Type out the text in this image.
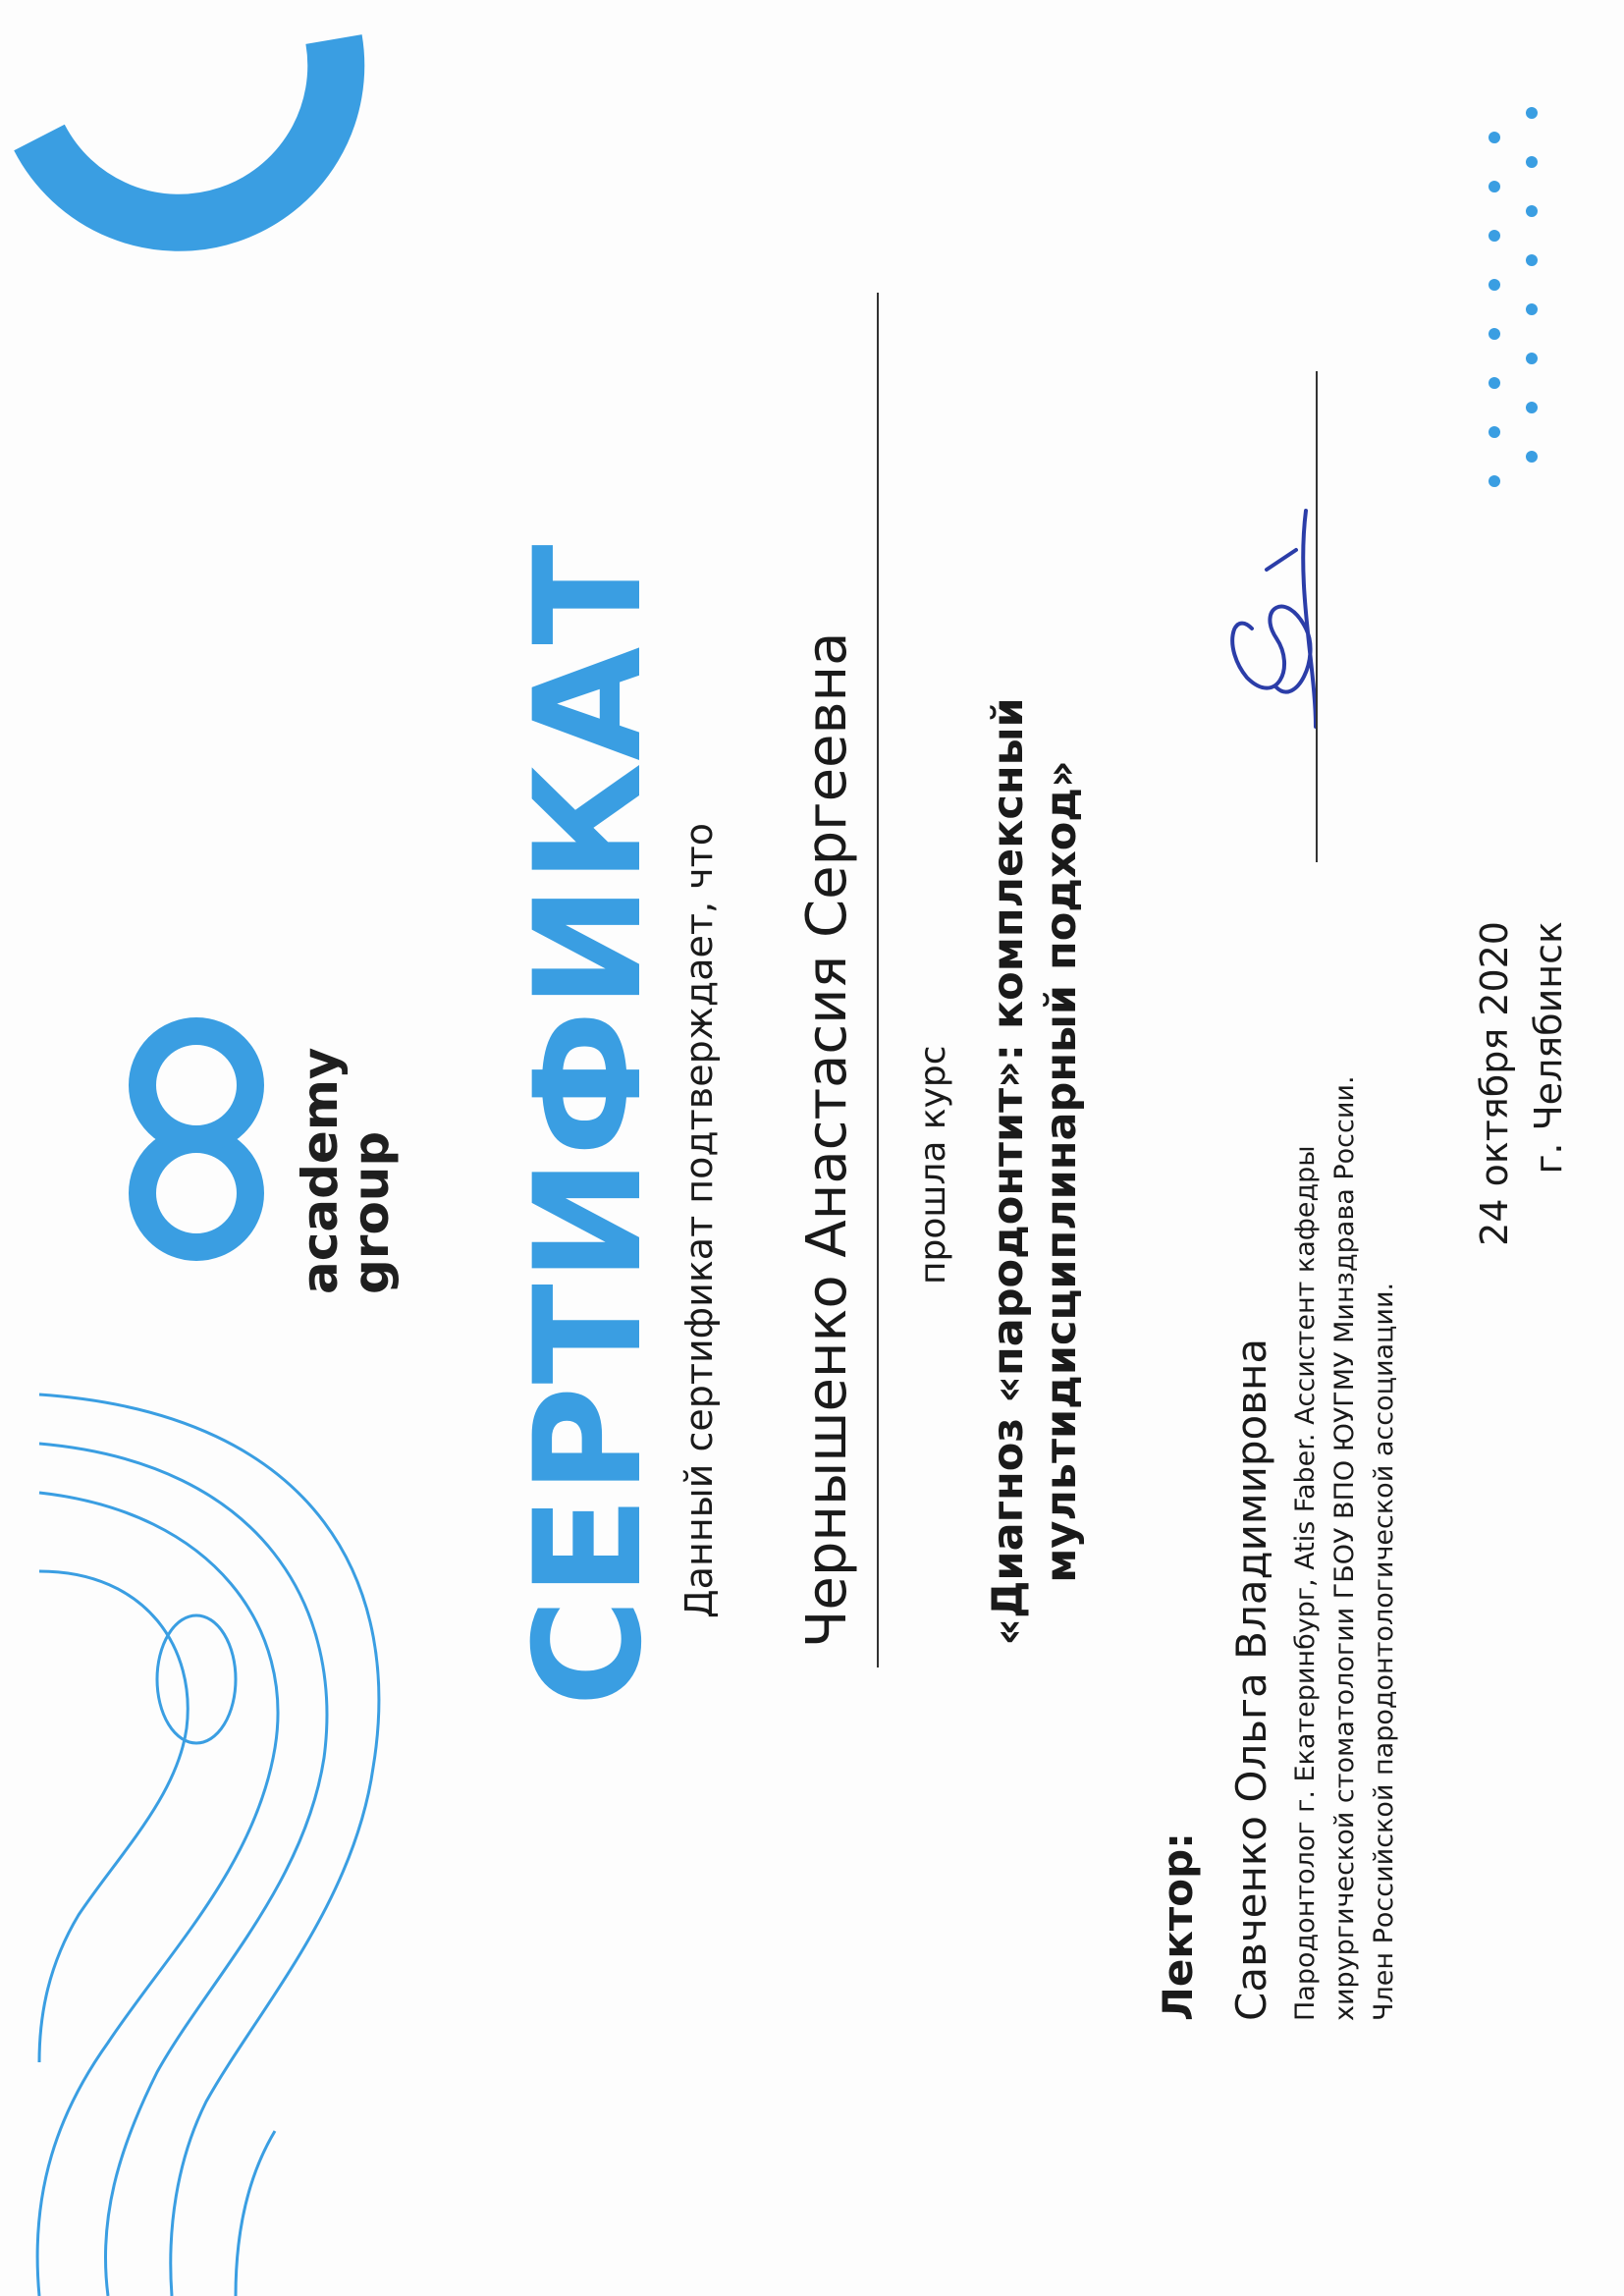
academy
group СЕРТИФИКАТ Данный сертификат подтверждает, что Чернышенко Анастасия Сергеевна прошла курс «Диагноз «пародонтит»: комплексный мультидисциплинарный подход»
Лектор: Савченко Ольга Владимировна Пародонтолог г. Екатеринбург, Atis Faber. Ассистент кафедры хирургической стоматологии ГБОУ ВПО ЮУГМУ Минздрава России. Член Российской пародонтологической ассоциации.
24 октября 2020 г. Челябинск
